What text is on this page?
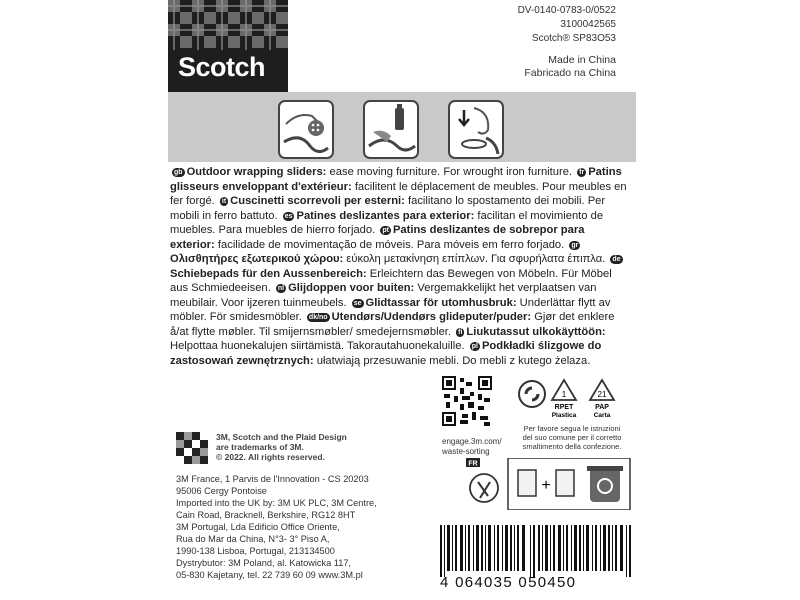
Scotch
DV-0140-0783-0/0522
3100042565
Scotch® SP83O53
Made in China
Fabricado na China
gb Outdoor wrapping sliders: ease moving furniture. For wrought iron furniture. fr Patins glisseurs enveloppant d'extérieur: facilitent le déplacement de meubles. Pour meubles en fer forgé. it Cuscinetti scorrevoli per esterni: facilitano lo spostamento dei mobili. Per mobili in ferro battuto. es Patines deslizantes para exterior: facilitan el movimiento de muebles. Para muebles de hierro forjado. pt Patins deslizantes de sobrepor para exterior: facilidade de movimentação de móveis. Para móveis em ferro forjado. grΟλισθητήρες εξωτερικού χώρου: εύκολη μετακίνηση επίπλων. Για σφυρήλατα έπιπλα. deSchiebepads für den Aussenbereich: Erleichtern das Bewegen von Möbeln. Für Möbel aus Schmiedeeisen. nl Glijdoppen voor buiten: Vergemakkelijkt het verplaatsen van meubilair. Voor ijzeren tuinmeubels. se Glidtassar för utomhusbruk: Underlättar flytt av möbler. För smidesmöbler. dk/no Utendørs/Udendørs glideputer/puder: Gjør det enklere å/at flytte møbler. Til smijernsmøbler/ smedejernsmøbler. fi Liukutassut ulkokäyttöön: Helpottaa huonekalujen siirtämistä. Takorautahuonekaluille. pl Podkładki ślizgowe do zastosowań zewnętrznych: ułatwiają przesuwanie mebli. Do mebli z kutego żelaza.
engage.3m.com/
waste-sorting
1
RPET
Plastica
21
PAP
Carta
Per favore segua le istruzioni
del suo comune per il corretto
smaltimento della confezione.
3M, Scotch and the Plaid Design
are trademarks of 3M.
© 2022. All rights reserved.
3M France, 1 Parvis de l'Innovation - CS 20203
95006 Cergy Pontoise
Imported into the UK by: 3M UK PLC, 3M Centre,
Cain Road, Bracknell, Berkshire, RG12 8HT
3M Portugal, Lda Edificio Office Oriente,
Rua do Mar da China, N°3- 3° Piso A,
1990-138 Lisboa, Portugal, 213134500
Dystrybutor: 3M Poland, al. Katowicka 117,
05-830 Kajetany, tel. 22 739 60 09 www.3M.pl
FR
+
4 064035 050450
